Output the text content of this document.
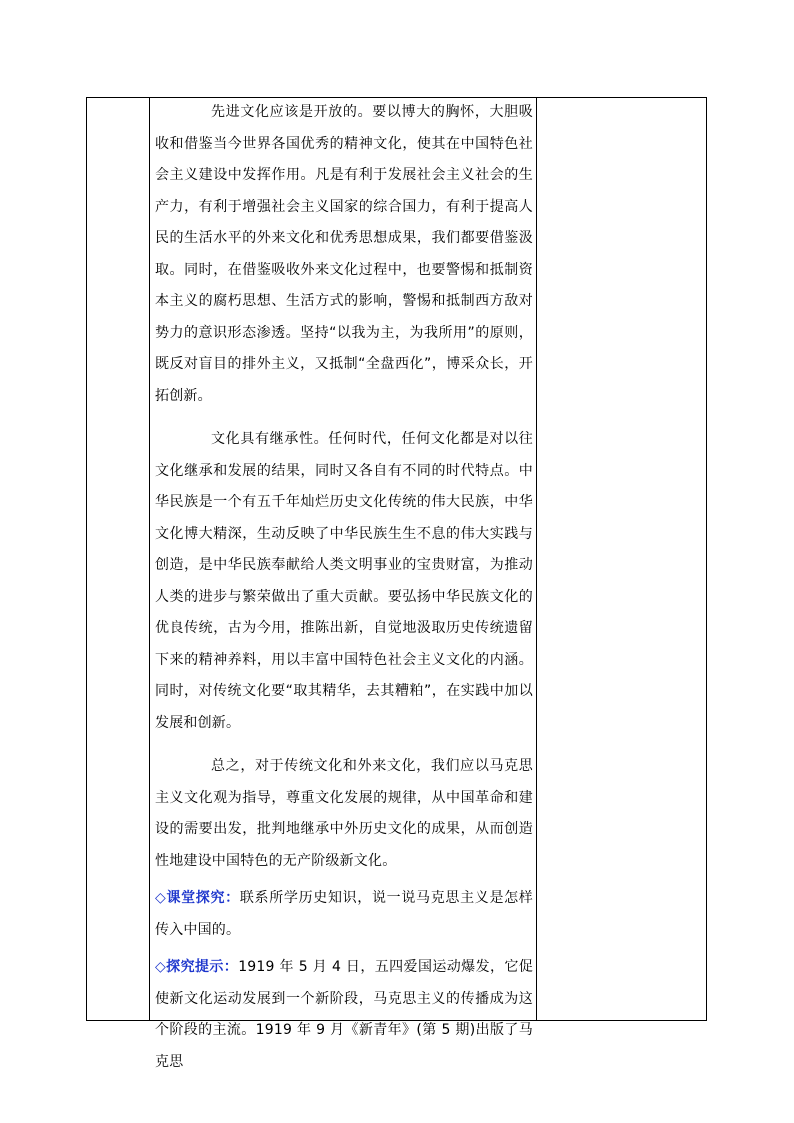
先进文化应该是开放的。要以博大的胸怀，大胆吸收和借鉴当今世界各国优秀的精神文化，使其在中国特色社会主义建设中发挥作用。凡是有利于发展社会主义社会的生产力，有利于增强社会主义国家的综合国力，有利于提高人民的生活水平的外来文化和优秀思想成果，我们都要借鉴汲取。同时，在借鉴吸收外来文化过程中，也要警惕和抵制资本主义的腐朽思想、生活方式的影响，警惕和抵制西方敌对势力的意识形态渗透。坚持“以我为主，为我所用”的原则，既反对盲目的排外主义，又抵制“全盘西化”，博采众长，开拓创新。

文化具有继承性。任何时代，任何文化都是对以往文化继承和发展的结果，同时又各自有不同的时代特点。中华民族是一个有五千年灿烂历史文化传统的伟大民族，中华文化博大精深，生动反映了中华民族生生不息的伟大实践与创造，是中华民族奉献给人类文明事业的宝贵财富，为推动人类的进步与繁荣做出了重大贡献。要弘扬中华民族文化的优良传统，古为今用，推陈出新，自觉地汲取历史传统遗留下来的精神养料，用以丰富中国特色社会主义文化的内涵。同时，对传统文化要“取其精华，去其糟粕”，在实践中加以发展和创新。

总之，对于传统文化和外来文化，我们应以马克思主义文化观为指导，尊重文化发展的规律，从中国革命和建设的需要出发，批判地继承中外历史文化的成果，从而创造性地建设中国特色的无产阶级新文化。

◇课堂探究：联系所学历史知识，说一说马克思主义是怎样传入中国的。

◇探究提示：1919 年 5 月 4 日，五四爱国运动爆发，它促使新文化运动发展到一个新阶段，马克思主义的传播成为这个阶段的主流。1919 年 9 月《新青年》(第 5 期)出版了马克思
